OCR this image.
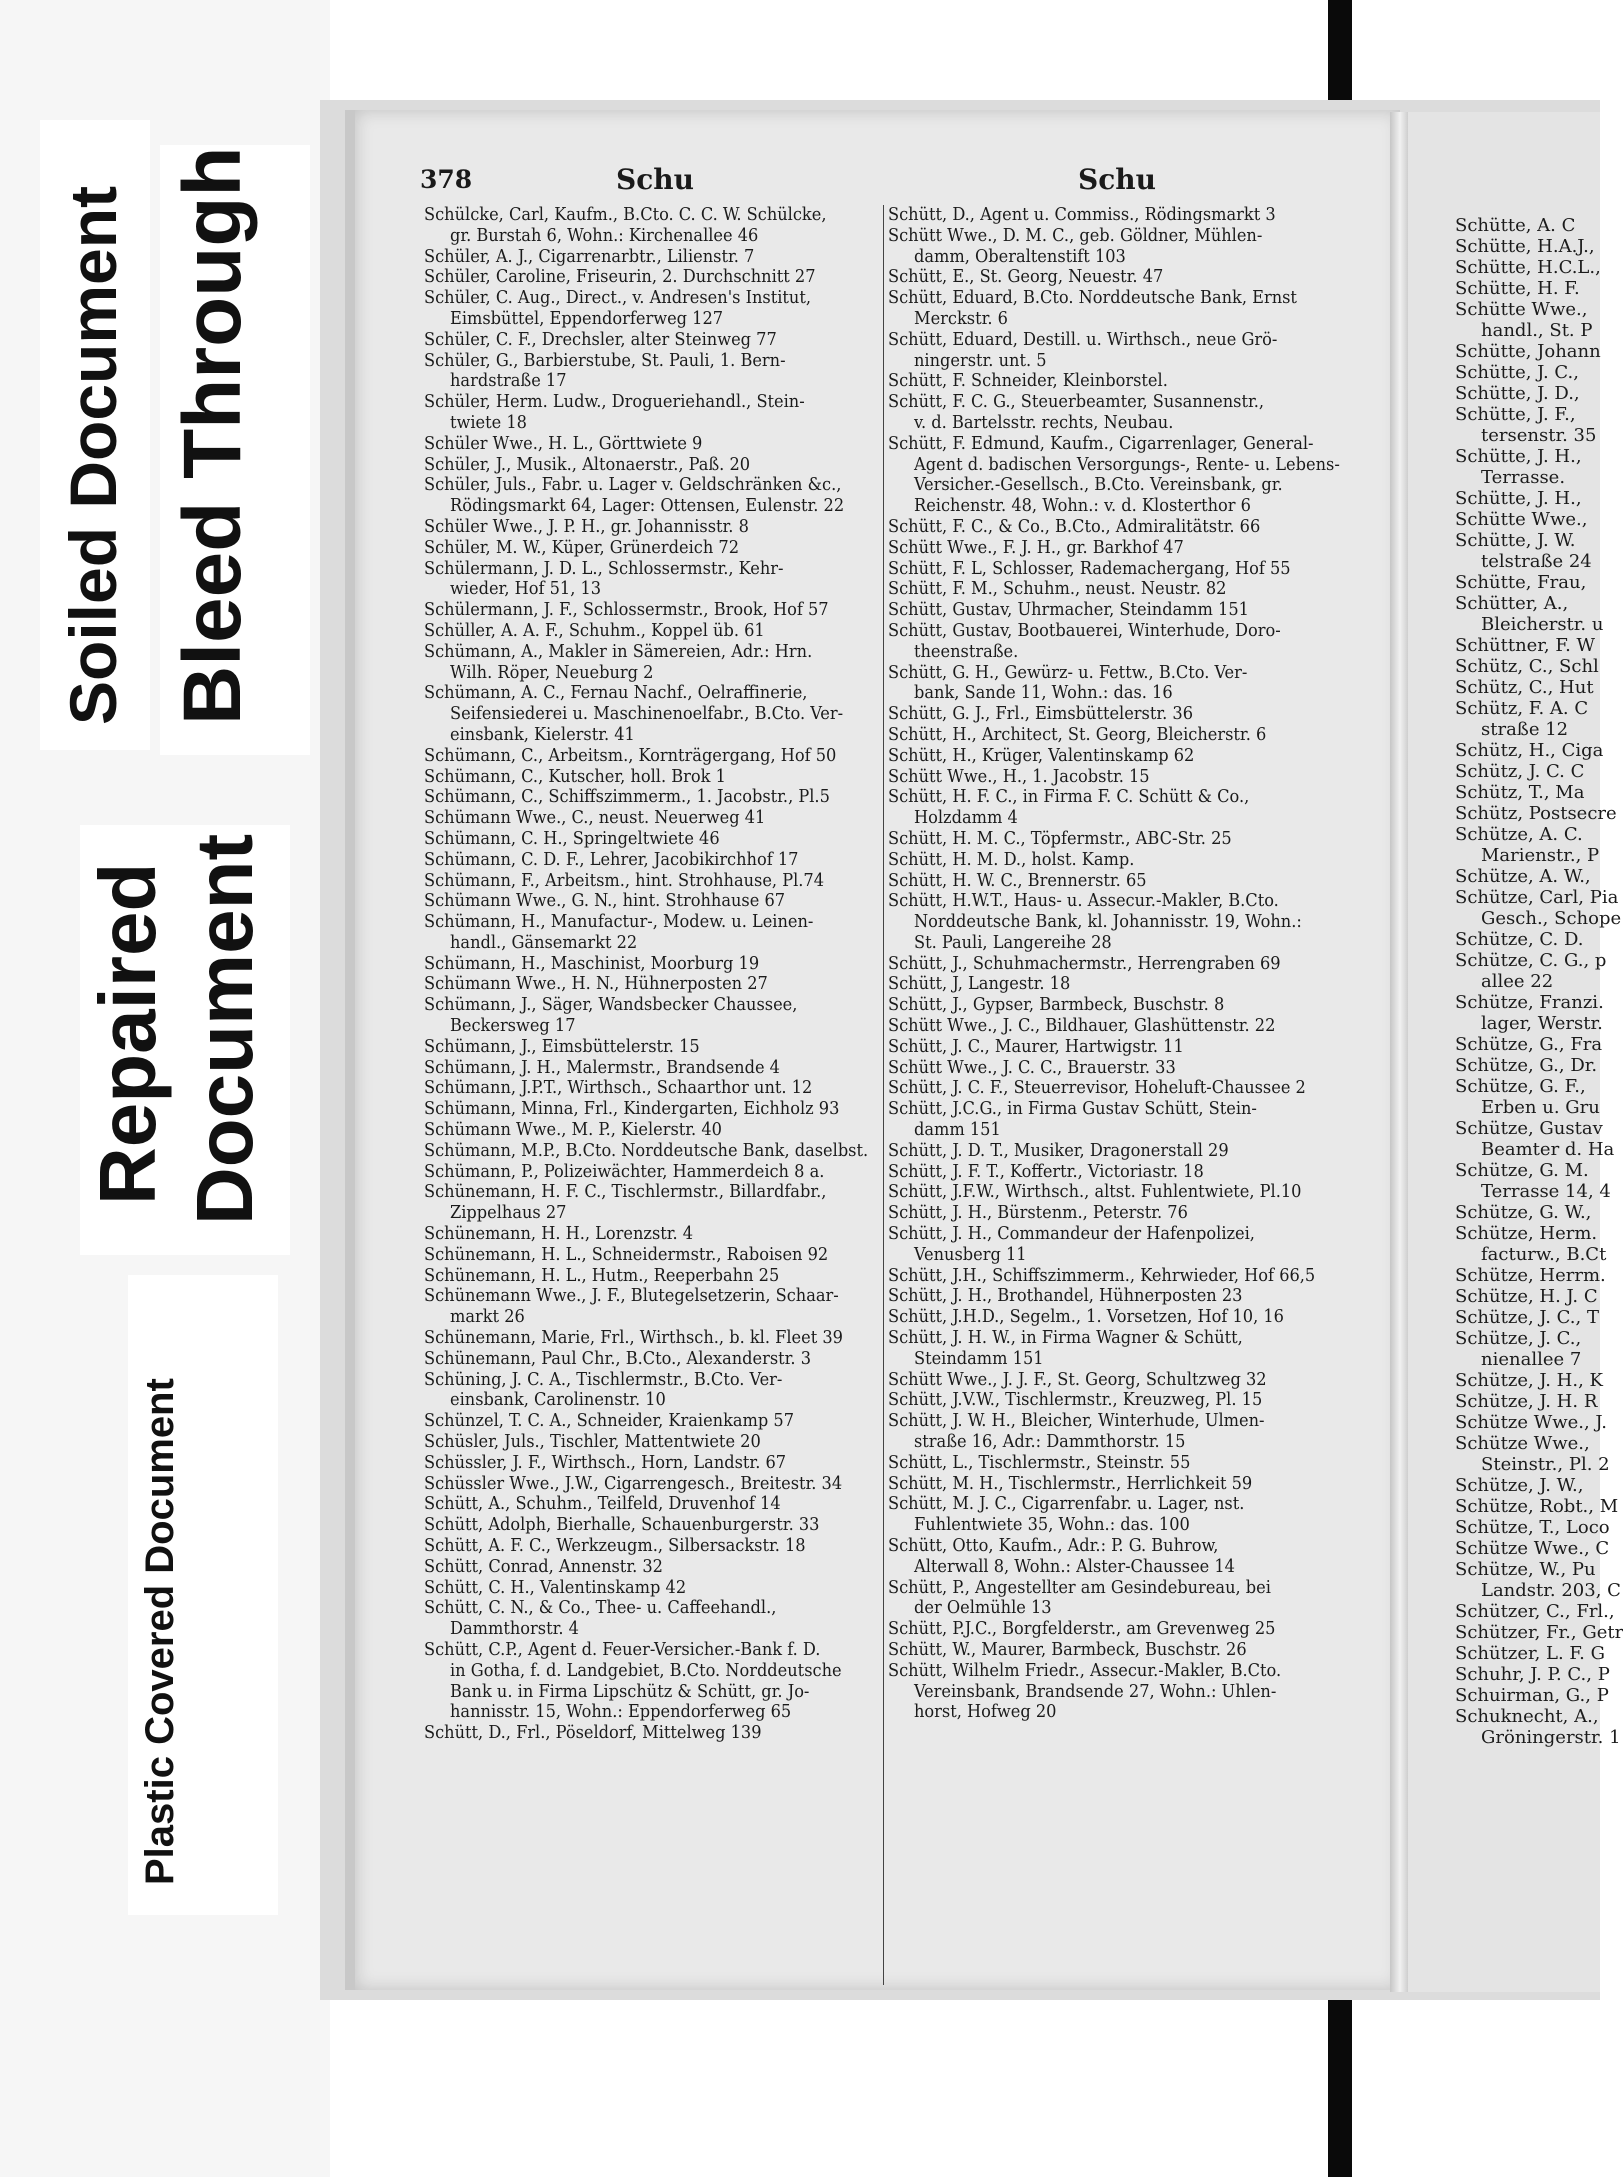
Soiled Document Bleed Through
Repaired Document
Plastic Covered Document
378	Schu	Schu
Schülcke, Carl, Kaufm., B.Cto. C. C. W. Schülcke,
gr. Burstah 6, Wohn.: Kirchenallee 46
Schüler, A. J., Cigarrenarbtr., Lilienstr. 7
Schüler, Caroline, Friseurin, 2. Durchschnitt 27
Schüler, C. Aug., Direct., v. Andresen's Institut,
Eimsbüttel, Eppendorferweg 127
Schüler, C. F., Drechsler, alter Steinweg 77
Schüler, G., Barbierstube, St. Pauli, 1. Bern-
hardstraße 17
Schüler, Herm. Ludw., Drogueriehandl., Stein-
twiete 18
Schüler Wwe., H. L., Görttwiete 9
Schüler, J., Musik., Altonaerstr., Paß. 20
Schüler, Juls., Fabr. u. Lager v. Geldschränken &c.,
Rödingsmarkt 64, Lager: Ottensen, Eulenstr. 22
Schüler Wwe., J. P. H., gr. Johannisstr. 8
Schüler, M. W., Küper, Grünerdeich 72
Schülermann, J. D. L., Schlossermstr., Kehr-
wieder, Hof 51, 13
Schülermann, J. F., Schlossermstr., Brook, Hof 57
Schüller, A. A. F., Schuhm., Koppel üb. 61
Schümann, A., Makler in Sämereien, Adr.: Hrn.
Wilh. Röper, Neueburg 2
Schümann, A. C., Fernau Nachf., Oelraffinerie,
Seifensiederei u. Maschinenoelfabr., B.Cto. Ver-
einsbank, Kielerstr. 41
Schümann, C., Arbeitsm., Kornträgergang, Hof 50
Schümann, C., Kutscher, holl. Brok 1
Schümann, C., Schiffszimmerm., 1. Jacobstr., Pl.5
Schümann Wwe., C., neust. Neuerweg 41
Schümann, C. H., Springeltwiete 46
Schümann, C. D. F., Lehrer, Jacobikirchhof 17
Schümann, F., Arbeitsm., hint. Strohhause, Pl.74
Schümann Wwe., G. N., hint. Strohhause 67
Schümann, H., Manufactur-, Modew. u. Leinen-
handl., Gänsemarkt 22
Schümann, H., Maschinist, Moorburg 19
Schümann Wwe., H. N., Hühnerposten 27
Schümann, J., Säger, Wandsbecker Chaussee,
Beckersweg 17
Schümann, J., Eimsbüttelerstr. 15
Schümann, J. H., Malermstr., Brandsende 4
Schümann, J.P.T., Wirthsch., Schaarthor unt. 12
Schümann, Minna, Frl., Kindergarten, Eichholz 93
Schümann Wwe., M. P., Kielerstr. 40
Schümann, M.P., B.Cto. Norddeutsche Bank, daselbst.
Schümann, P., Polizeiwächter, Hammerdeich 8 a.
Schünemann, H. F. C., Tischlermstr., Billardfabr.,
Zippelhaus 27
Schünemann, H. H., Lorenzstr. 4
Schünemann, H. L., Schneidermstr., Raboisen 92
Schünemann, H. L., Hutm., Reeperbahn 25
Schünemann Wwe., J. F., Blutegelsetzerin, Schaar-
markt 26
Schünemann, Marie, Frl., Wirthsch., b. kl. Fleet 39
Schünemann, Paul Chr., B.Cto., Alexanderstr. 3
Schüning, J. C. A., Tischlermstr., B.Cto. Ver-
einsbank, Carolinenstr. 10
Schünzel, T. C. A., Schneider, Kraienkamp 57
Schüsler, Juls., Tischler, Mattentwiete 20
Schüssler, J. F., Wirthsch., Horn, Landstr. 67
Schüssler Wwe., J.W., Cigarrengesch., Breitestr. 34
Schütt, A., Schuhm., Teilfeld, Druvenhof 14
Schütt, Adolph, Bierhalle, Schauenburgerstr. 33
Schütt, A. F. C., Werkzeugm., Silbersackstr. 18
Schütt, Conrad, Annenstr. 32
Schütt, C. H., Valentinskamp 42
Schütt, C. N., & Co., Thee- u. Caffeehandl.,
Dammthorstr. 4
Schütt, C.P., Agent d. Feuer-Versicher.-Bank f. D.
in Gotha, f. d. Landgebiet, B.Cto. Norddeutsche
Bank u. in Firma Lipschütz & Schütt, gr. Jo-
hannisstr. 15, Wohn.: Eppendorferweg 65
Schütt, D., Frl., Pöseldorf, Mittelweg 139
Schütt, D., Agent u. Commiss., Rödingsmarkt 3
Schütt Wwe., D. M. C., geb. Göldner, Mühlen-
damm, Oberaltenstift 103
Schütt, E., St. Georg, Neuestr. 47
Schütt, Eduard, B.Cto. Norddeutsche Bank, Ernst
Merckstr. 6
Schütt, Eduard, Destill. u. Wirthsch., neue Grö-
ningerstr. unt. 5
Schütt, F. Schneider, Kleinborstel.
Schütt, F. C. G., Steuerbeamter, Susannenstr.,
v. d. Bartelsstr. rechts, Neubau.
Schütt, F. Edmund, Kaufm., Cigarrenlager, General-
Agent d. badischen Versorgungs-, Rente- u. Lebens-
Versicher.-Gesellsch., B.Cto. Vereinsbank, gr.
Reichenstr. 48, Wohn.: v. d. Klosterthor 6
Schütt, F. C., & Co., B.Cto., Admiralitätstr. 66
Schütt Wwe., F. J. H., gr. Barkhof 47
Schütt, F. L, Schlosser, Rademachergang, Hof 55
Schütt, F. M., Schuhm., neust. Neustr. 82
Schütt, Gustav, Uhrmacher, Steindamm 151
Schütt, Gustav, Bootbauerei, Winterhude, Doro-
theenstraße.
Schütt, G. H., Gewürz- u. Fettw., B.Cto. Ver-
bank, Sande 11, Wohn.: das. 16
Schütt, G. J., Frl., Eimsbüttelerstr. 36
Schütt, H., Architect, St. Georg, Bleicherstr. 6
Schütt, H., Krüger, Valentinskamp 62
Schütt Wwe., H., 1. Jacobstr. 15
Schütt, H. F. C., in Firma F. C. Schütt & Co.,
Holzdamm 4
Schütt, H. M. C., Töpfermstr., ABC-Str. 25
Schütt, H. M. D., holst. Kamp.
Schütt, H. W. C., Brennerstr. 65
Schütt, H.W.T., Haus- u. Assecur.-Makler, B.Cto.
Norddeutsche Bank, kl. Johannisstr. 19, Wohn.:
St. Pauli, Langereihe 28
Schütt, J., Schuhmachermstr., Herrengraben 69
Schütt, J, Langestr. 18
Schütt, J., Gypser, Barmbeck, Buschstr. 8
Schütt Wwe., J. C., Bildhauer, Glashüttenstr. 22
Schütt, J. C., Maurer, Hartwigstr. 11
Schütt Wwe., J. C. C., Brauerstr. 33
Schütt, J. C. F., Steuerrevisor, Hoheluft-Chaussee 2
Schütt, J.C.G., in Firma Gustav Schütt, Stein-
damm 151
Schütt, J. D. T., Musiker, Dragonerstall 29
Schütt, J. F. T., Koffertr., Victoriastr. 18
Schütt, J.F.W., Wirthsch., altst. Fuhlentwiete, Pl.10
Schütt, J. H., Bürstenm., Peterstr. 76
Schütt, J. H., Commandeur der Hafenpolizei,
Venusberg 11
Schütt, J.H., Schiffszimmerm., Kehrwieder, Hof 66,5
Schütt, J. H., Brothandel, Hühnerposten 23
Schütt, J.H.D., Segelm., 1. Vorsetzen, Hof 10, 16
Schütt, J. H. W., in Firma Wagner & Schütt,
Steindamm 151
Schütt Wwe., J. J. F., St. Georg, Schultzweg 32
Schütt, J.V.W., Tischlermstr., Kreuzweg, Pl. 15
Schütt, J. W. H., Bleicher, Winterhude, Ulmen-
straße 16, Adr.: Dammthorstr. 15
Schütt, L., Tischlermstr., Steinstr. 55
Schütt, M. H., Tischlermstr., Herrlichkeit 59
Schütt, M. J. C., Cigarrenfabr. u. Lager, nst.
Fuhlentwiete 35, Wohn.: das. 100
Schütt, Otto, Kaufm., Adr.: P. G. Buhrow,
Alterwall 8, Wohn.: Alster-Chaussee 14
Schütt, P., Angestellter am Gesindebureau, bei
der Oelmühle 13
Schütt, P.J.C., Borgfelderstr., am Grevenweg 25
Schütt, W., Maurer, Barmbeck, Buschstr. 26
Schütt, Wilhelm Friedr., Assecur.-Makler, B.Cto.
Vereinsbank, Brandsende 27, Wohn.: Uhlen-
horst, Hofweg 20
Schütte, A. C
Schütte, H.A.J.,
Schütte, H.C.L.,
Schütte, H. F.
Schütte Wwe.,
handl., St. P
Schütte, Johann
Schütte, J. C.,
Schütte, J. D.,
Schütte, J. F.,
tersenstr. 35
Schütte, J. H.,
Terrasse.
Schütte, J. H.,
Schütte Wwe.,
Schütte, J. W.
telstraße 24
Schütte, Frau,
Schütter, A.,
Bleicherstr. u
Schüttner, F. W
Schütz, C., Schl
Schütz, C., Hut
Schütz, F. A. C
straße 12
Schütz, H., Ciga
Schütz, J. C. C
Schütz, T., Ma
Schütz, Postsecre
Schütze, A. C.
Marienstr., P
Schütze, A. W.,
Schütze, Carl, Pia
Gesch., Schope
Schütze, C. D.
Schütze, C. G., p
allee 22
Schütze, Franzi.
lager, Werstr.
Schütze, G., Fra
Schütze, G., Dr.
Schütze, G. F.,
Erben u. Gru
Schütze, Gustav
Beamter d. Ha
Schütze, G. M.
Terrasse 14, 4
Schütze, G. W.,
Schütze, Herm.
facturw., B.Ct
Schütze, Herrm.
Schütze, H. J. C
Schütze, J. C., T
Schütze, J. C.,
nienallee 7
Schütze, J. H., K
Schütze, J. H. R
Schütze Wwe., J.
Schütze Wwe.,
Steinstr., Pl. 2
Schütze, J. W.,
Schütze, Robt., M
Schütze, T., Loco
Schütze Wwe., C
Schütze, W., Pu
Landstr. 203, C
Schützer, C., Frl.,
Schützer, Fr., Getr
Schützer, L. F. G
Schuhr, J. P. C., P
Schuirman, G., P
Schuknecht, A.,
Gröningerstr. 1
